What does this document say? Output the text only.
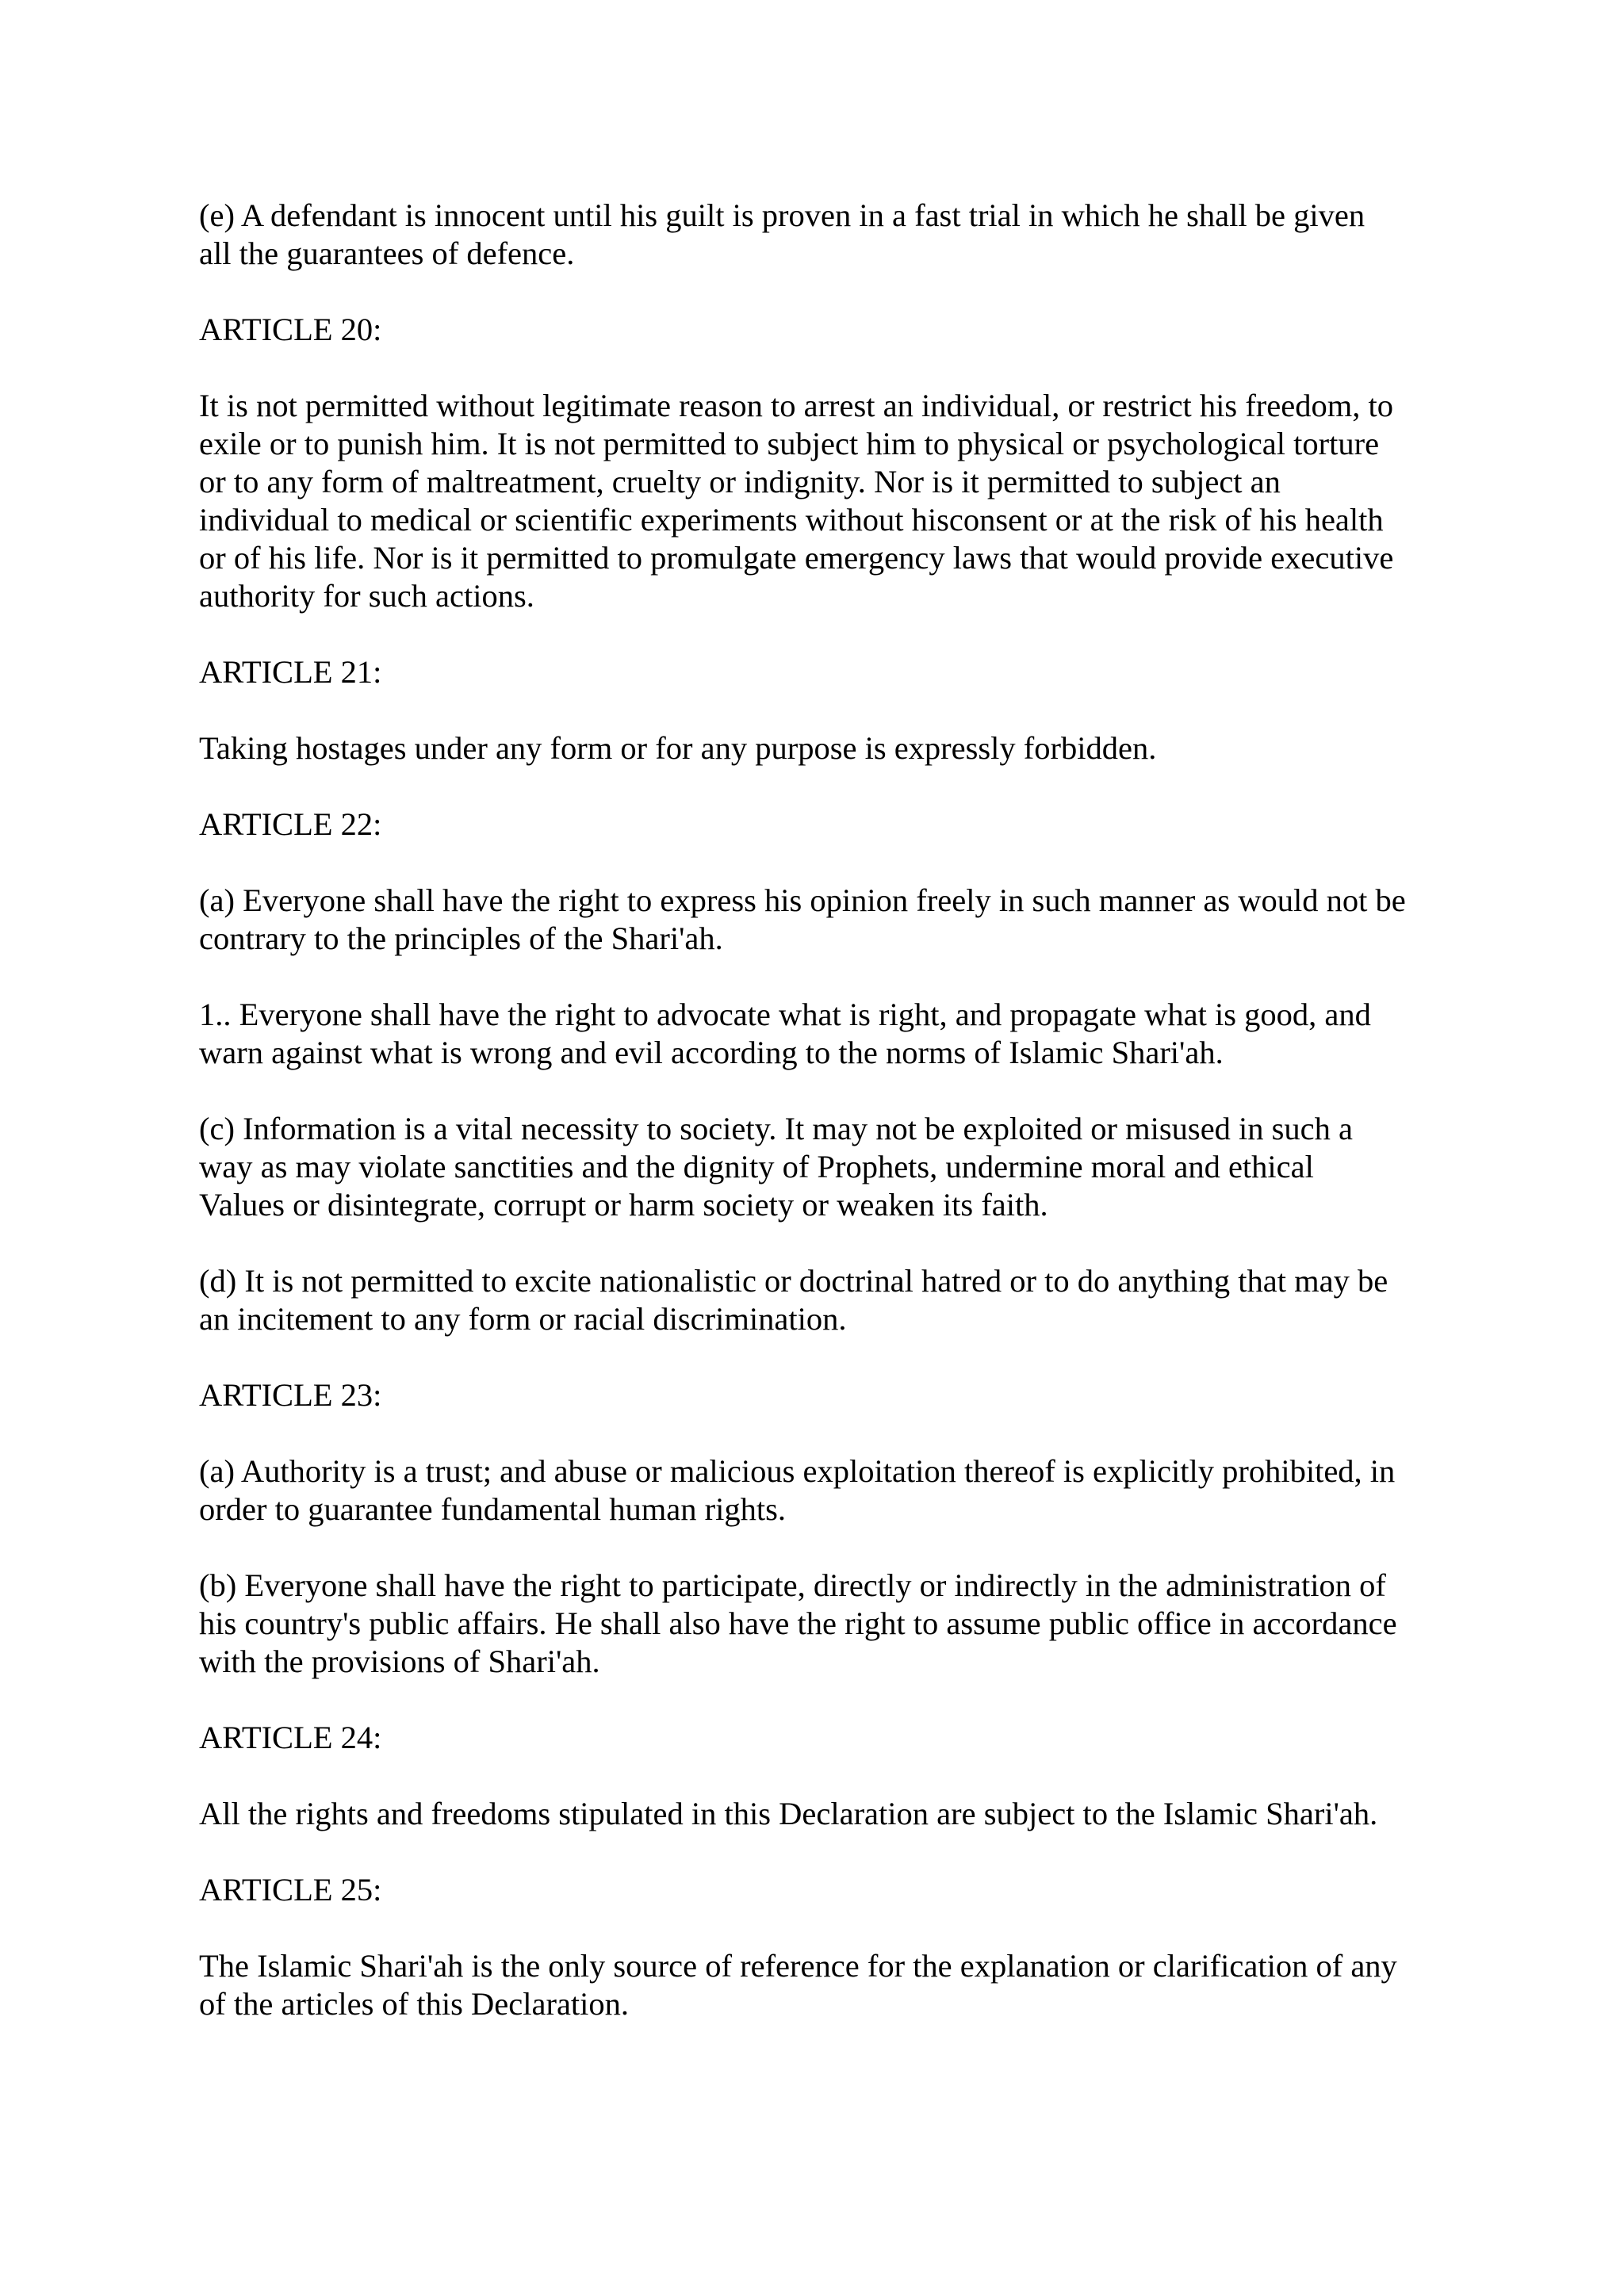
(e) A defendant is innocent until his guilt is proven in a fast trial in which he shall be given
all the guarantees of defence.
ARTICLE 20:
It is not permitted without legitimate reason to arrest an individual, or restrict his freedom, to
exile or to punish him. It is not permitted to subject him to physical or psychological torture
or to any form of maltreatment, cruelty or indignity. Nor is it permitted to subject an
individual to medical or scientific experiments without hisconsent or at the risk of his health
or of his life. Nor is it permitted to promulgate emergency laws that would provide executive
authority for such actions.
ARTICLE 21:
Taking hostages under any form or for any purpose is expressly forbidden.
ARTICLE 22:
(a) Everyone shall have the right to express his opinion freely in such manner as would not be
contrary to the principles of the Shari'ah.
1.. Everyone shall have the right to advocate what is right, and propagate what is good, and
warn against what is wrong and evil according to the norms of Islamic Shari'ah.
(c) Information is a vital necessity to society. It may not be exploited or misused in such a
way as may violate sanctities and the dignity of Prophets, undermine moral and ethical
Values or disintegrate, corrupt or harm society or weaken its faith.
(d) It is not permitted to excite nationalistic or doctrinal hatred or to do anything that may be
an incitement to any form or racial discrimination.
ARTICLE 23:
(a) Authority is a trust; and abuse or malicious exploitation thereof is explicitly prohibited, in
order to guarantee fundamental human rights.
(b) Everyone shall have the right to participate, directly or indirectly in the administration of
his country's public affairs. He shall also have the right to assume public office in accordance
with the provisions of Shari'ah.
ARTICLE 24:
All the rights and freedoms stipulated in this Declaration are subject to the Islamic Shari'ah.
ARTICLE 25:
The Islamic Shari'ah is the only source of reference for the explanation or clarification of any
of the articles of this Declaration.
